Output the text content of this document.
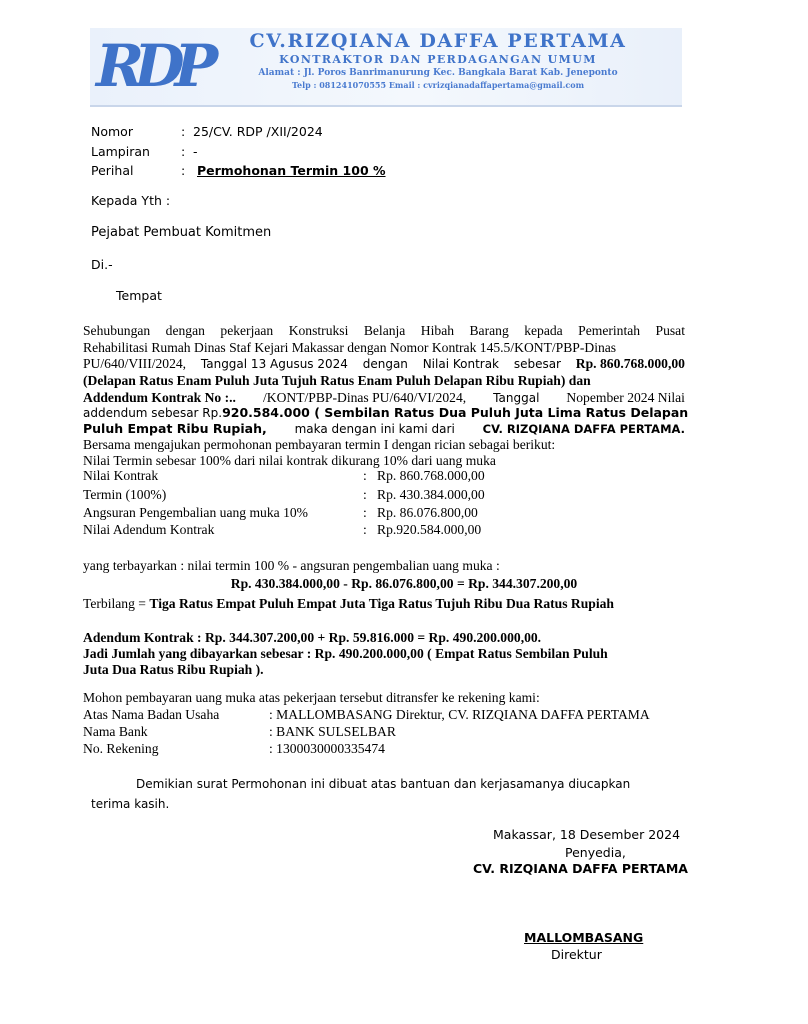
RDP	CV.RIZQIANA DAFFA PERTAMA
KONTRAKTOR DAN PERDAGANGAN UMUM
Alamat : Jl. Poros Banrimanurung Kec. Bangkala Barat Kab. Jeneponto
Telp : 081241070555 Email : cvrizqianadaffapertama@gmail.com
Nomor	: 25/CV. RDP /XII/2024
Lampiran : -
Perihal	: Permohonan Termin 100 %
Kepada Yth :
Pejabat Pembuat Komitmen
Di.-
Tempat
Sehubungan dengan pekerjaan Konstruksi Belanja Hibah Barang kepada Pemerintah Pusat
Rehabilitasi Rumah Dinas Staf Kejari Makassar dengan Nomor Kontrak 145.5/KONT/PBP-Dinas
PU/640/VIII/2024, Tanggal 13 Agusus 2024 dengan Nilai Kontrak sebesar Rp. 860.768.000,00
(Delapan Ratus Enam Puluh Juta Tujuh Ratus Enam Puluh Delapan Ribu Rupiah) dan
Addendum Kontrak No :.. /KONT/PBP-Dinas PU/640/VI/2024, Tanggal Nopember 2024 Nilai
addendum sebesar Rp. 920.584.000 ( Sembilan Ratus Dua Puluh Juta Lima Ratus Delapan
Puluh Empat Ribu Rupiah, maka dengan ini kami dari CV. RIZQIANA DAFFA PERTAMA.
Bersama mengajukan permohonan pembayaran termin I dengan rician sebagai berikut:
Nilai Termin sebesar 100% dari nilai kontrak dikurang 10% dari uang muka
Nilai Kontrak	: Rp. 860.768.000,00
Termin (100%)	: Rp. 430.384.000,00
Angsuran Pengembalian uang muka 10%	: Rp. 86.076.800,00
Nilai Adendum Kontrak	: Rp.920.584.000,00
yang terbayarkan : nilai termin 100 % - angsuran pengembalian uang muka :
Rp. 430.384.000,00 - Rp. 86.076.800,00 = Rp. 344.307.200,00
Terbilang = Tiga Ratus Empat Puluh Empat Juta Tiga Ratus Tujuh Ribu Dua Ratus Rupiah
Adendum Kontrak : Rp. 344.307.200,00 + Rp. 59.816.000 = Rp. 490.200.000,00.
Jadi Jumlah yang dibayarkan sebesar : Rp. 490.200.000,00 ( Empat Ratus Sembilan Puluh
Juta Dua Ratus Ribu Rupiah ).
Mohon pembayaran uang muka atas pekerjaan tersebut ditransfer ke rekening kami:
Atas Nama Badan Usaha	: MALLOMBASANG Direktur, CV. RIZQIANA DAFFA PERTAMA
Nama Bank	: BANK SULSELBAR
No. Rekening	: 1300030000335474
Demikian surat Permohonan ini dibuat atas bantuan dan kerjasamanya diucapkan
terima kasih.
Makassar, 18 Desember 2024
Penyedia,
CV. RIZQIANA DAFFA PERTAMA
MALLOMBASANG
Direktur
